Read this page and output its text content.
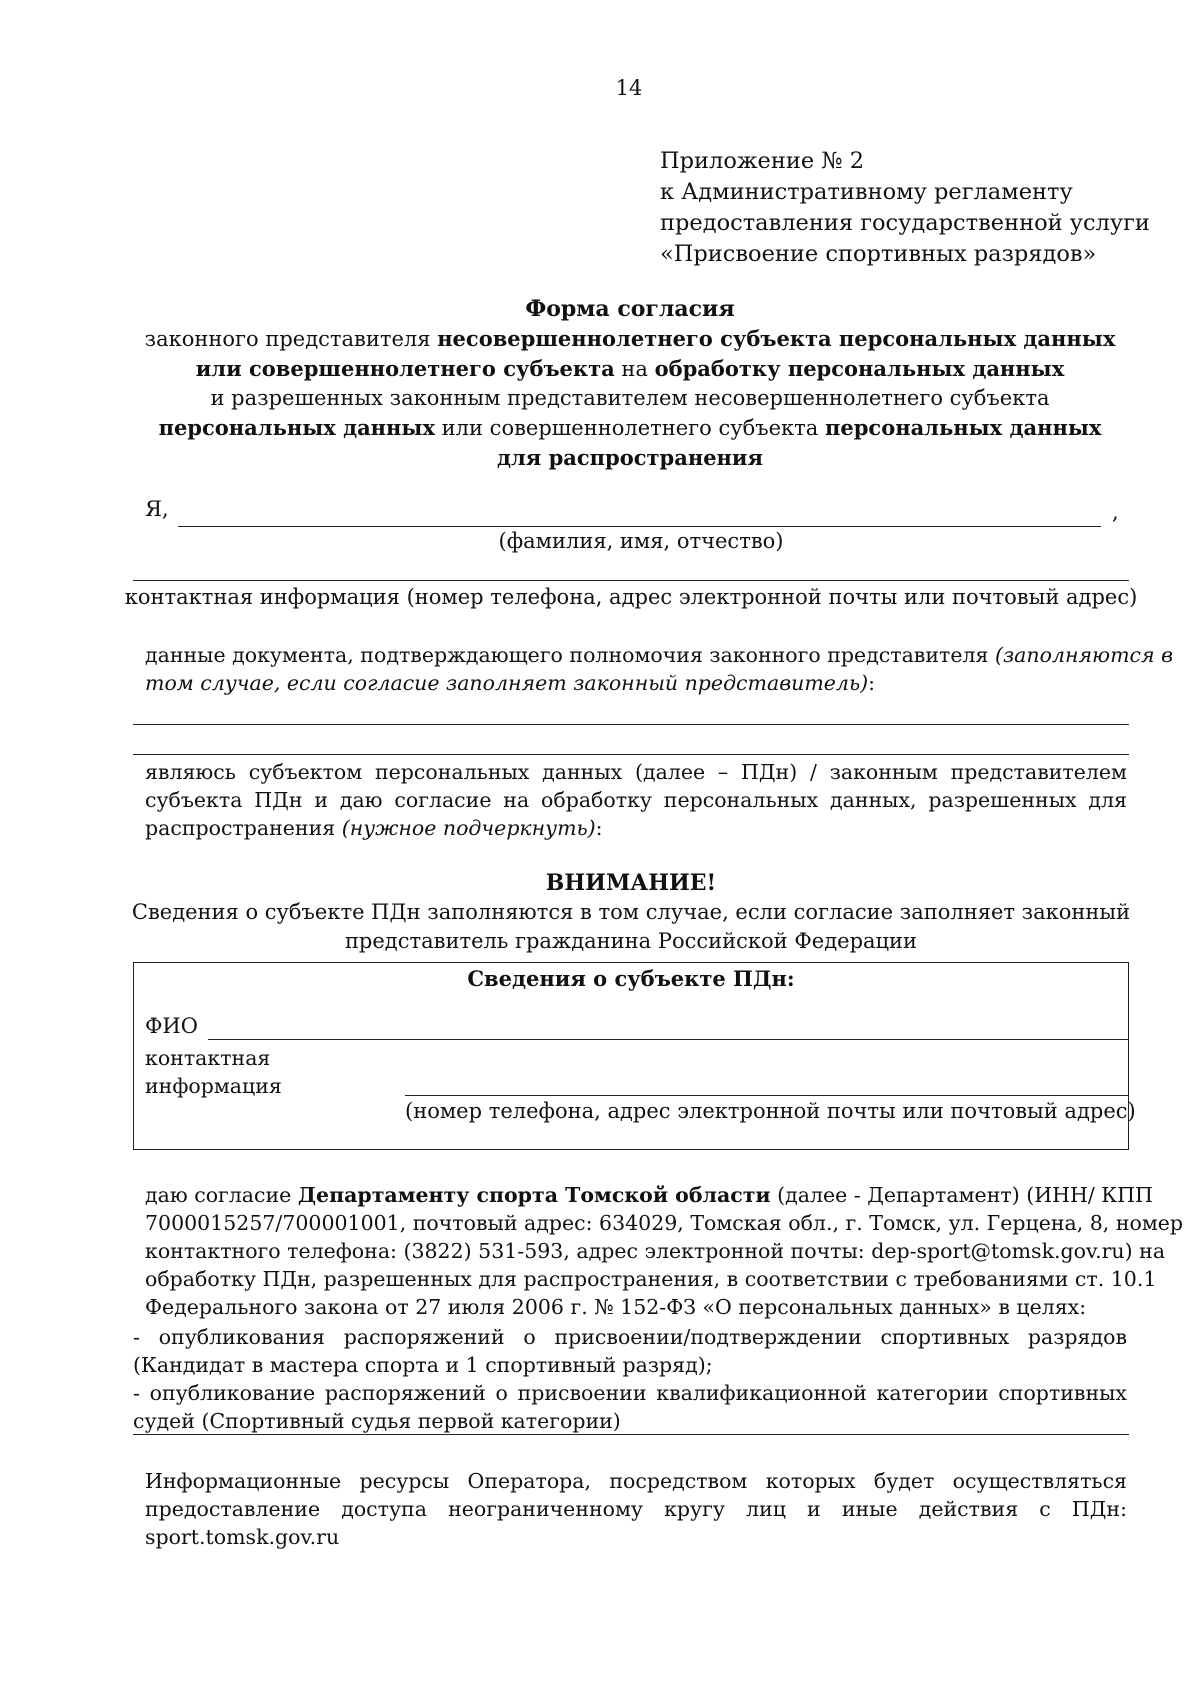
14
Приложение № 2
к Административному регламенту
предоставления государственной услуги
«Присвоение спортивных разрядов»
Форма согласия
законного представителя несовершеннолетнего субъекта персональных данных
или совершеннолетнего субъекта на обработку персональных данных
и разрешенных законным представителем несовершеннолетнего субъекта
персональных данных или совершеннолетнего субъекта персональных данных
для распространения
Я,	,
(фамилия, имя, отчество)
контактная информация (номер телефона, адрес электронной почты или почтовый адрес)
данные документа, подтверждающего полномочия законного представителя (заполняются в
том случае, если согласие заполняет законный представитель):
являюсь субъектом персональных данных (далее – ПДн) / законным представителем
субъекта ПДн и даю согласие на обработку персональных данных, разрешенных для
распространения (нужное подчеркнуть):
ВНИМАНИЕ!
Сведения о субъекте ПДн заполняются в том случае, если согласие заполняет законный
представитель гражданина Российской Федерации
Сведения о субъекте ПДн:
ФИО
контактная
информация
(номер телефона, адрес электронной почты или почтовый адрес)
даю согласие Департаменту спорта Томской области (далее - Департамент) (ИНН/ КПП
7000015257/700001001, почтовый адрес: 634029, Томская обл., г. Томск, ул. Герцена, 8, номер
контактного телефона: (3822) 531-593, адрес электронной почты: dep-sport@tomsk.gov.ru) на
обработку ПДн, разрешенных для распространения, в соответствии с требованиями ст. 10.1
Федерального закона от 27 июля 2006 г. № 152-ФЗ «О персональных данных» в целях:
- опубликования распоряжений о присвоении/подтверждении спортивных разрядов
(Кандидат в мастера спорта и 1 спортивный разряд);
- опубликование распоряжений о присвоении квалификационной категории спортивных
судей (Спортивный судья первой категории)
Информационные ресурсы Оператора, посредством которых будет осуществляться
предоставление доступа неограниченному кругу лиц и иные действия с ПДн:
sport.tomsk.gov.ru
